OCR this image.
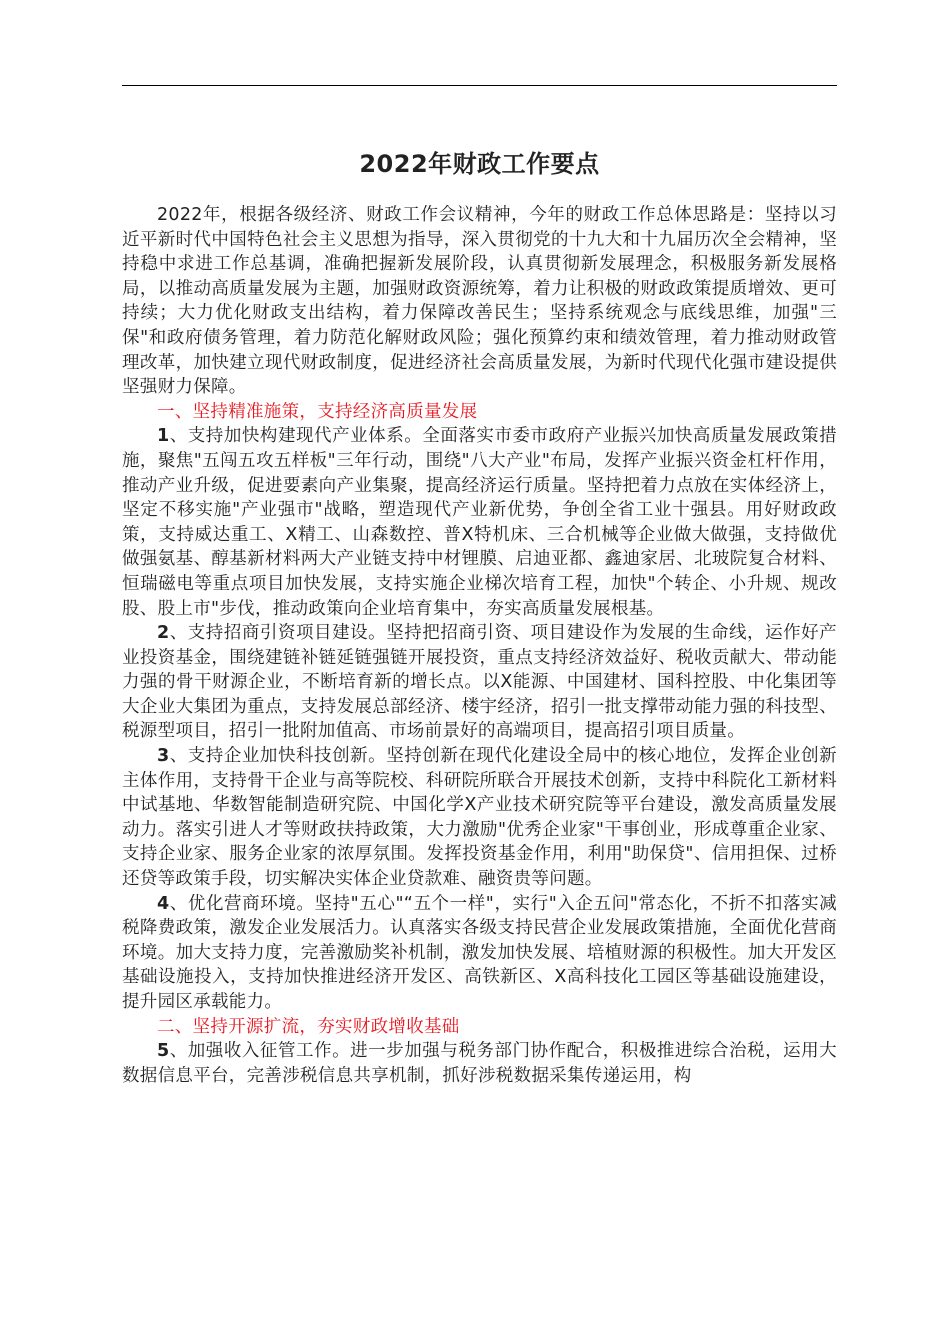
2022年财政工作要点

2022年，根据各级经济、财政工作会议精神，今年的财政工作总体思路是：坚持以习近平新时代中国特色社会主义思想为指导，深入贯彻党的十九大和十九届历次全会精神，坚持稳中求进工作总基调，准确把握新发展阶段，认真贯彻新发展理念，积极服务新发展格局，以推动高质量发展为主题，加强财政资源统筹，着力让积极的财政政策提质增效、更可持续；大力优化财政支出结构，着力保障改善民生；坚持系统观念与底线思维，加强"三保"和政府债务管理，着力防范化解财政风险；强化预算约束和绩效管理，着力推动财政管理改革，加快建立现代财政制度，促进经济社会高质量发展，为新时代现代化强市建设提供坚强财力保障。

一、坚持精准施策，支持经济高质量发展

1、支持加快构建现代产业体系。全面落实市委市政府产业振兴加快高质量发展政策措施，聚焦"五闯五攻五样板"三年行动，围绕"八大产业"布局，发挥产业振兴资金杠杆作用，推动产业升级，促进要素向产业集聚，提高经济运行质量。坚持把着力点放在实体经济上，坚定不移实施"产业强市"战略，塑造现代产业新优势，争创全省工业十强县。用好财政政策，支持威达重工、X精工、山森数控、普X特机床、三合机械等企业做大做强，支持做优做强氨基、醇基新材料两大产业链支持中材锂膜、启迪亚都、鑫迪家居、北玻院复合材料、恒瑞磁电等重点项目加快发展，支持实施企业梯次培育工程，加快"个转企、小升规、规改股、股上市"步伐，推动政策向企业培育集中，夯实高质量发展根基。

2、支持招商引资项目建设。坚持把招商引资、项目建设作为发展的生命线，运作好产业投资基金，围绕建链补链延链强链开展投资，重点支持经济效益好、税收贡献大、带动能力强的骨干财源企业，不断培育新的增长点。以X能源、中国建材、国科控股、中化集团等大企业大集团为重点，支持发展总部经济、楼宇经济，招引一批支撑带动能力强的科技型、税源型项目，招引一批附加值高、市场前景好的高端项目，提高招引项目质量。

3、支持企业加快科技创新。坚持创新在现代化建设全局中的核心地位，发挥企业创新主体作用，支持骨干企业与高等院校、科研院所联合开展技术创新，支持中科院化工新材料中试基地、华数智能制造研究院、中国化学X产业技术研究院等平台建设，激发高质量发展动力。落实引进人才等财政扶持政策，大力激励"优秀企业家"干事创业，形成尊重企业家、支持企业家、服务企业家的浓厚氛围。发挥投资基金作用，利用"助保贷"、信用担保、过桥还贷等政策手段，切实解决实体企业贷款难、融资贵等问题。

4、优化营商环境。坚持"五心"“五个一样"，实行"入企五问"常态化，不折不扣落实减税降费政策，激发企业发展活力。认真落实各级支持民营企业发展政策措施，全面优化营商环境。加大支持力度，完善激励奖补机制，激发加快发展、培植财源的积极性。加大开发区基础设施投入，支持加快推进经济开发区、高铁新区、X高科技化工园区等基础设施建设，提升园区承载能力。

二、坚持开源扩流，夯实财政增收基础

5、加强收入征管工作。进一步加强与税务部门协作配合，积极推进综合治税，运用大数据信息平台，完善涉税信息共享机制，抓好涉税数据采集传递运用，构
